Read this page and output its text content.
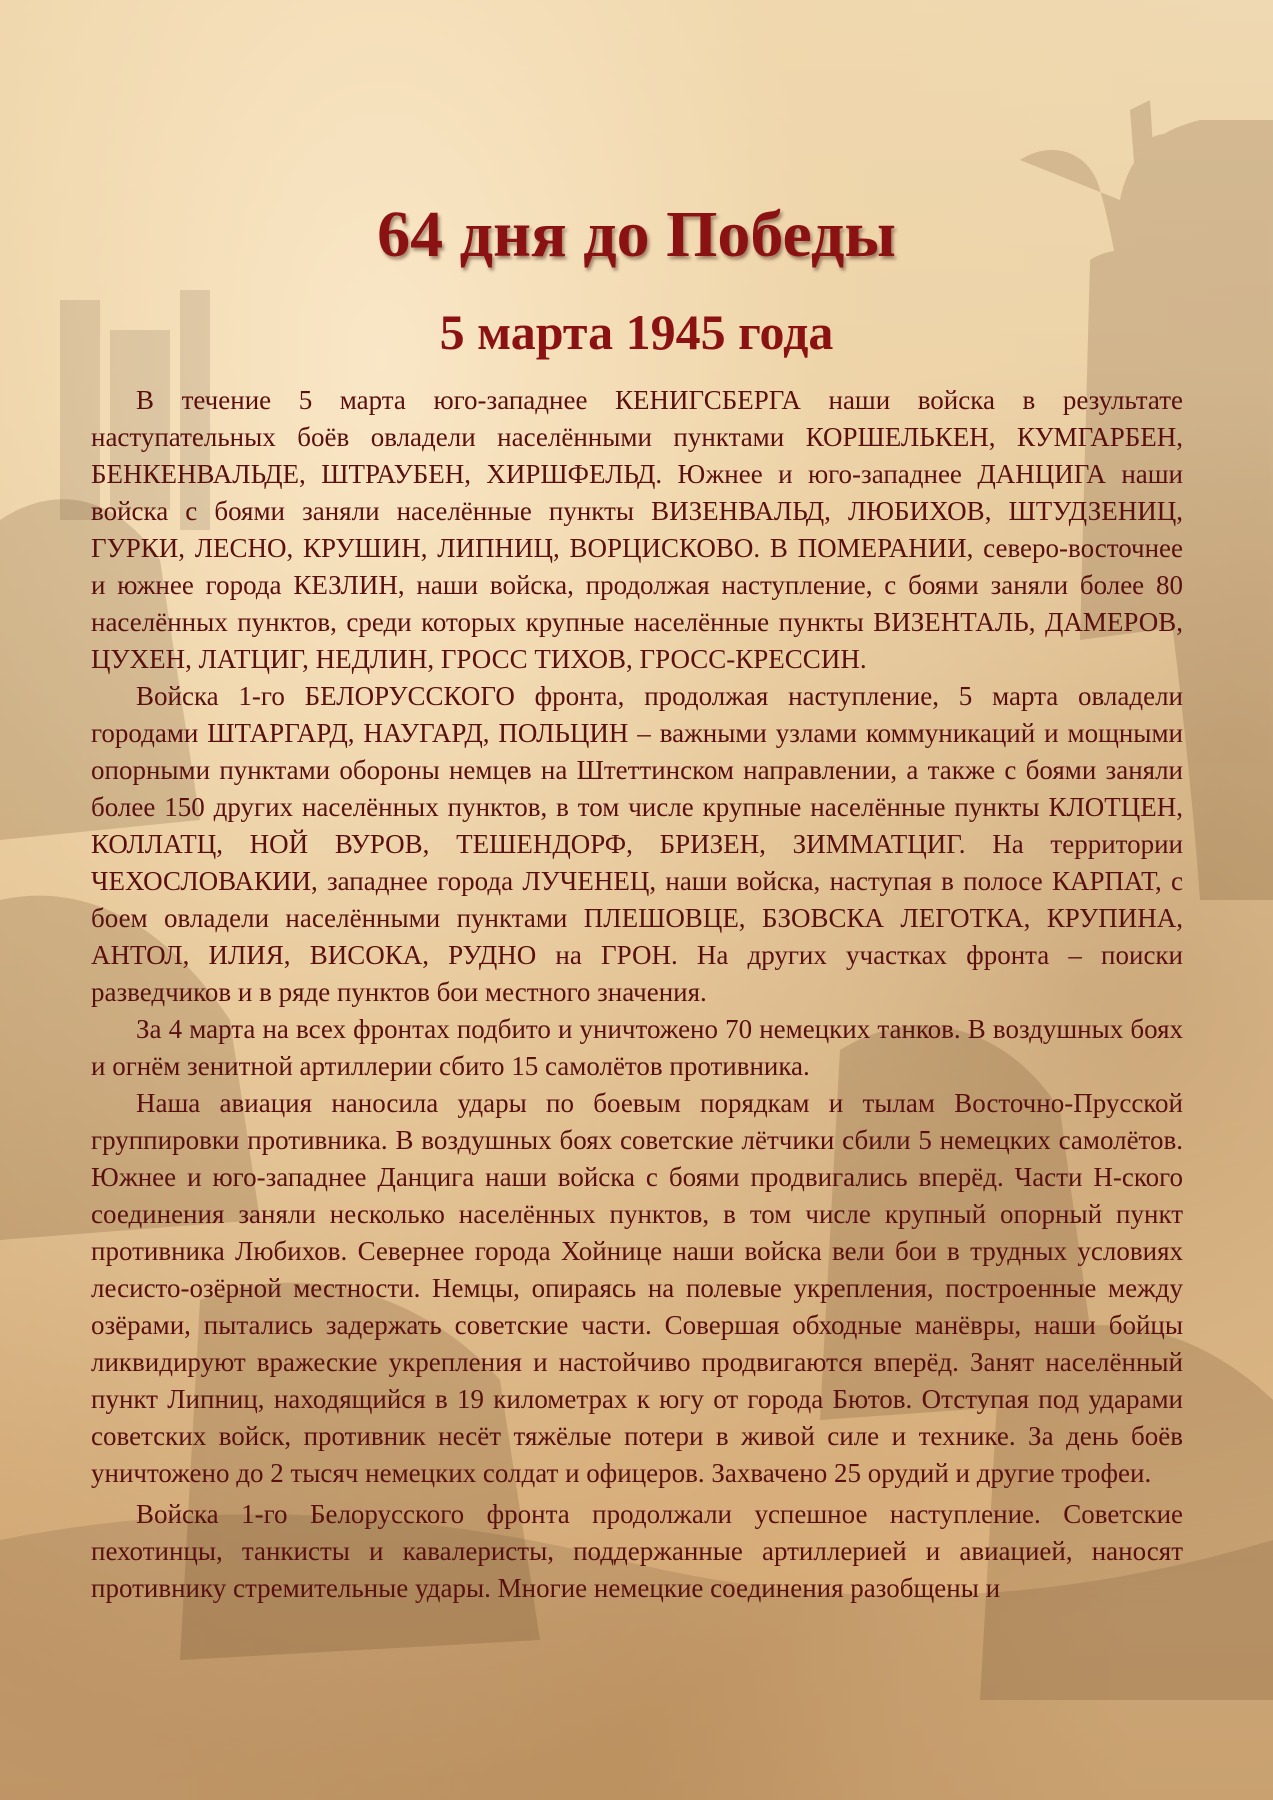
64 дня до Победы
5 марта 1945 года

В течение 5 марта юго-западнее КЕНИГСБЕРГА наши войска в результате наступательных боёв овладели населёнными пунктами КОРШЕЛЬКЕН, КУМГАРБЕН, БЕНКЕНВАЛЬДЕ, ШТРАУБЕН, ХИРШФЕЛЬД. Южнее и юго-западнее ДАНЦИГА наши войска с боями заняли населённые пункты ВИЗЕНВАЛЬД, ЛЮБИХОВ, ШТУДЗЕНИЦ, ГУРКИ, ЛЕСНО, КРУШИН, ЛИПНИЦ, ВОРЦИСКОВО. В ПОМЕРАНИИ, северо-восточнее и южнее города КЕЗЛИН, наши войска, продолжая наступление, с боями заняли более 80 населённых пунктов, среди которых крупные населённые пункты ВИЗЕНТАЛЬ, ДАМЕРОВ, ЦУХЕН, ЛАТЦИГ, НЕДЛИН, ГРОСС ТИХОВ, ГРОСС-КРЕССИН.

Войска 1-го БЕЛОРУССКОГО фронта, продолжая наступление, 5 марта овладели городами ШТАРГАРД, НАУГАРД, ПОЛЬЦИН – важными узлами коммуникаций и мощными опорными пунктами обороны немцев на Штеттинском направлении, а также с боями заняли более 150 других населённых пунктов, в том числе крупные населённые пункты КЛОТЦЕН, КОЛЛАТЦ, НОЙ ВУРОВ, ТЕШЕНДОРФ, БРИЗЕН, ЗИММАТЦИГ. На территории ЧЕХОСЛОВАКИИ, западнее города ЛУЧЕНЕЦ, наши войска, наступая в полосе КАРПАТ, с боем овладели населёнными пунктами ПЛЕШОВЦЕ, БЗОВСКА ЛЕГОТКА, КРУПИНА, АНТОЛ, ИЛИЯ, ВИСОКА, РУДНО на ГРОН. На других участках фронта – поиски разведчиков и в ряде пунктов бои местного значения.

За 4 марта на всех фронтах подбито и уничтожено 70 немецких танков. В воздушных боях и огнём зенитной артиллерии сбито 15 самолётов противника.

Наша авиация наносила удары по боевым порядкам и тылам Восточно-Прусской группировки противника. В воздушных боях советские лётчики сбили 5 немецких самолётов. Южнее и юго-западнее Данцига наши войска с боями продвигались вперёд. Части Н-ского соединения заняли несколько населённых пунктов, в том числе крупный опорный пункт противника Любихов. Севернее города Хойнице наши войска вели бои в трудных условиях лесисто-озёрной местности. Немцы, опираясь на полевые укрепления, построенные между озёрами, пытались задержать советские части. Совершая обходные манёвры, наши бойцы ликвидируют вражеские укрепления и настойчиво продвигаются вперёд. Занят населённый пункт Липниц, находящийся в 19 километрах к югу от города Бютов. Отступая под ударами советских войск, противник несёт тяжёлые потери в живой силе и технике. За день боёв уничтожено до 2 тысяч немецких солдат и офицеров. Захвачено 25 орудий и другие трофеи.

Войска 1-го Белорусского фронта продолжали успешное наступление. Советские пехотинцы, танкисты и кавалеристы, поддержанные артиллерией и авиацией, наносят противнику стремительные удары. Многие немецкие соединения разобщены и
